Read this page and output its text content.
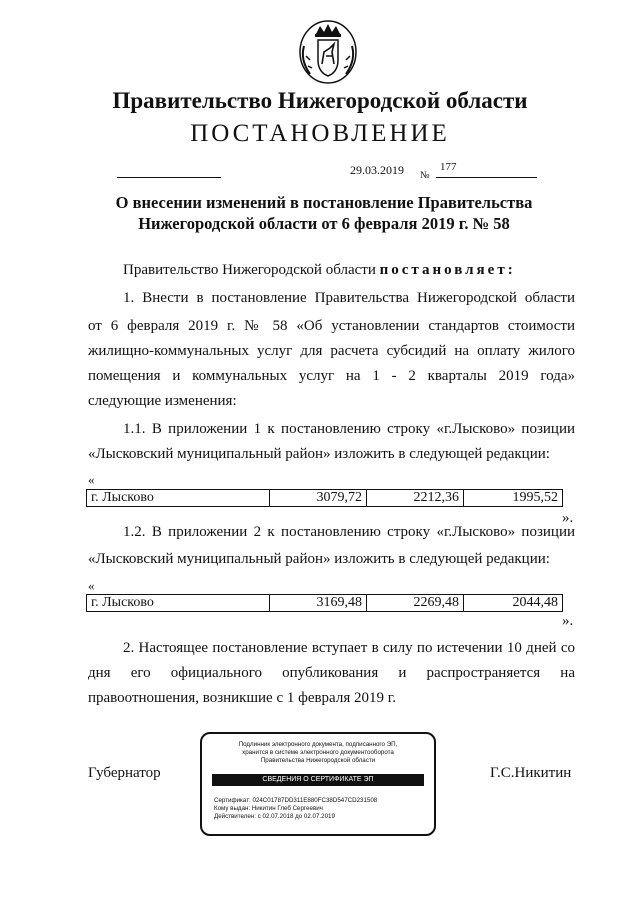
Правительство Нижегородской области
ПОСТАНОВЛЕНИЕ
29.03.2019 №
177
О внесении изменений в постановление Правительства
Нижегородской области от 6 февраля 2019 г. № 58
Правительство Нижегородской области постановляет:
1. Внести в постановление Правительства Нижегородской области
от 6 февраля 2019 г. № 58 «Об установлении стандартов стоимости
жилищно-коммунальных услуг для расчета субсидий на оплату жилого
помещения и коммунальных услуг на 1 - 2 кварталы 2019 года»
следующие изменения:
1.1. В приложении 1 к постановлению строку «г.Лысково» позиции
«Лысковский муниципальный район» изложить в следующей редакции:
«
г. Лысково	3079,72	2212,36	1995,52
».
1.2. В приложении 2 к постановлению строку «г.Лысково» позиции
«Лысковский муниципальный район» изложить в следующей редакции:
«
г. Лысково	3169,48	2269,48	2044,48
».
2. Настоящее постановление вступает в силу по истечении 10 дней со
дня его официального опубликования и распространяется на
правоотношения, возникшие с 1 февраля 2019 г.
Губернатор
Подлинник электронного документа, подписанного ЭП,
хранится в системе электронного документооборота
Правительства Нижегородской области
СВЕДЕНИЯ О СЕРТИФИКАТЕ ЭП
Сертификат: 024C01787DD311E880FC38D547CD231508
Кому выдан: Никитин Глеб Сергеевич
Действителен: с 02.07.2018 до 02.07.2019
Г.С.Никитин
